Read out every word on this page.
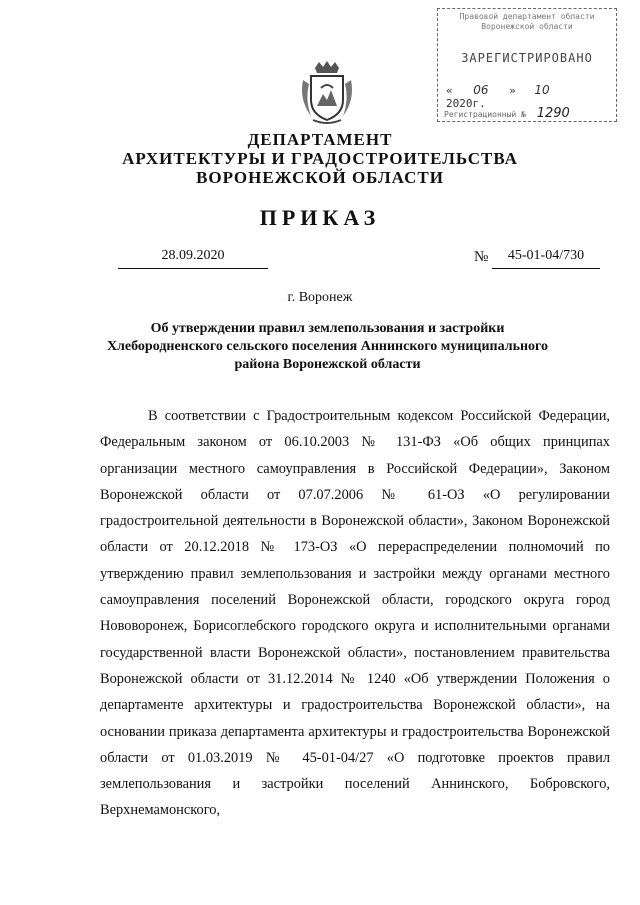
Правовой департамент области Воронежской области
ЗАРЕГИСТРИРОВАНО
« 06 » 10 2020г.
Регистрационный № 1290
ДЕПАРТАМЕНТ
АРХИТЕКТУРЫ И ГРАДОСТРОИТЕЛЬСТВА
ВОРОНЕЖСКОЙ ОБЛАСТИ
ПРИКАЗ
28.09.2020	№	45-01-04/730
г. Воронеж
Об утверждении правил землепользования и застройки
Хлебородненского сельского поселения Аннинского муниципального
района Воронежской области
В соответствии с Градостроительным кодексом Российской Федерации, Федеральным законом от 06.10.2003 № 131-ФЗ «Об общих принципах организации местного самоуправления в Российской Федерации», Законом Воронежской области от 07.07.2006 № 61-ОЗ «О регулировании градостроительной деятельности в Воронежской области», Законом Воронежской области от 20.12.2018 № 173-ОЗ «О перераспределении полномочий по утверждению правил землепользования и застройки между органами местного самоуправления поселений Воронежской области, городского округа город Нововоронеж, Борисоглебского городского округа и исполнительными органами государственной власти Воронежской области», постановлением правительства Воронежской области от 31.12.2014 № 1240 «Об утверждении Положения о департаменте архитектуры и градостроительства Воронежской области», на основании приказа департамента архитектуры и градостроительства Воронежской области от 01.03.2019 № 45-01-04/27 «О подготовке проектов правил землепользования и застройки поселений Аннинского, Бобровского, Верхнемамонского,
